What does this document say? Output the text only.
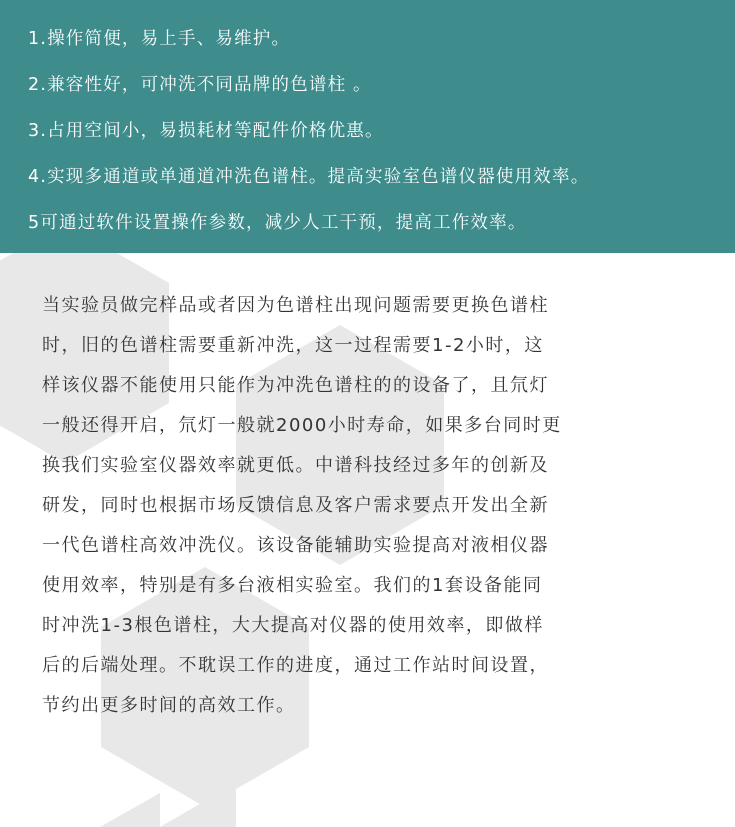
1.操作简便，易上手、易维护。
2.兼容性好，可冲洗不同品牌的色谱柱 。
3.占用空间小，易损耗材等配件价格优惠。
4.实现多通道或单通道冲洗色谱柱。提高实验室色谱仪器使用效率。
5可通过软件设置操作参数，减少人工干预，提高工作效率。
当实验员做完样品或者因为色谱柱出现问题需要更换色谱柱
时，旧的色谱柱需要重新冲洗，这一过程需要1-2小时，这
样该仪器不能使用只能作为冲洗色谱柱的的设备了，且氘灯
一般还得开启，氘灯一般就2000小时寿命，如果多台同时更
换我们实验室仪器效率就更低。中谱科技经过多年的创新及
研发，同时也根据市场反馈信息及客户需求要点开发出全新
一代色谱柱高效冲洗仪。该设备能辅助实验提高对液相仪器
使用效率，特别是有多台液相实验室。我们的1套设备能同
时冲洗1-3根色谱柱，大大提高对仪器的使用效率，即做样
后的后端处理。不耽误工作的进度，通过工作站时间设置，
节约出更多时间的高效工作。
